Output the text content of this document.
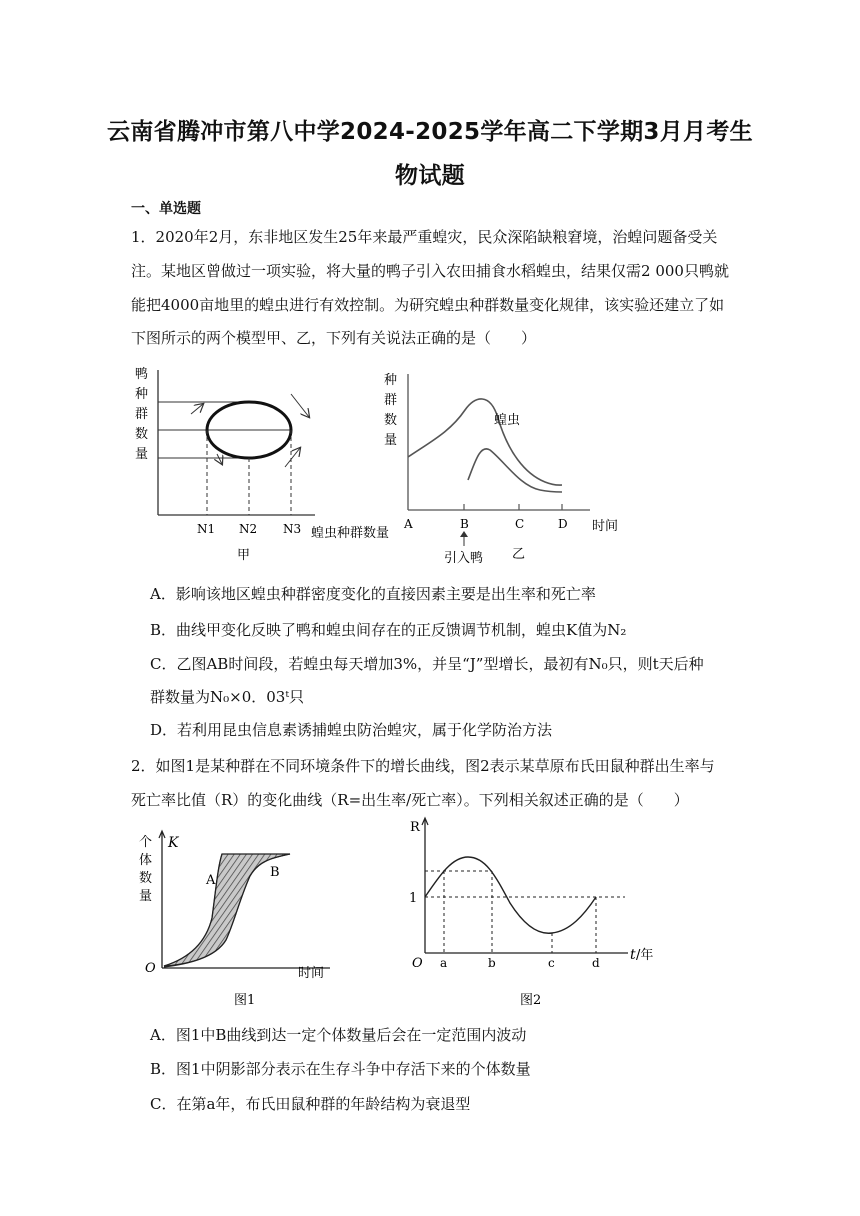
云南省腾冲市第八中学2024-2025学年高二下学期3月月考生
物试题
一、单选题
1．2020年2月，东非地区发生25年来最严重蝗灾，民众深陷缺粮窘境，治蝗问题备受关
注。某地区曾做过一项实验，将大量的鸭子引入农田捕食水稻蝗虫，结果仅需2 000只鸭就
能把4000亩地里的蝗虫进行有效控制。为研究蝗虫种群数量变化规律，该实验还建立了如
下图所示的两个模型甲、乙，下列有关说法正确的是（　　）
鸭
种
群
数
量
N1 N2 N3 蝗虫种群数量
甲
种
群
数
量
蝗虫
A	B	C	D 时间
引入鸭 乙
A．影响该地区蝗虫种群密度变化的直接因素主要是出生率和死亡率
B．曲线甲变化反映了鸭和蝗虫间存在的正反馈调节机制，蝗虫K值为N₂
C．乙图AB时间段，若蝗虫每天增加3%，并呈“J”型增长，最初有N₀只，则t天后种
群数量为N₀×0．03ᵗ只
D．若利用昆虫信息素诱捕蝗虫防治蝗灾，属于化学防治方法
2．如图1是某种群在不同环境条件下的增长曲线，图2表示某草原布氏田鼠种群出生率与
死亡率比值（R）的变化曲线（R=出生率/死亡率）。下列相关叙述正确的是（　　）
个
体
数
量
K
A
B
O	时间
图1
R
1
O a	b	c	d t /年
图2
A．图1中B曲线到达一定个体数量后会在一定范围内波动
B．图1中阴影部分表示在生存斗争中存活下来的个体数量
C．在第a年，布氏田鼠种群的年龄结构为衰退型
